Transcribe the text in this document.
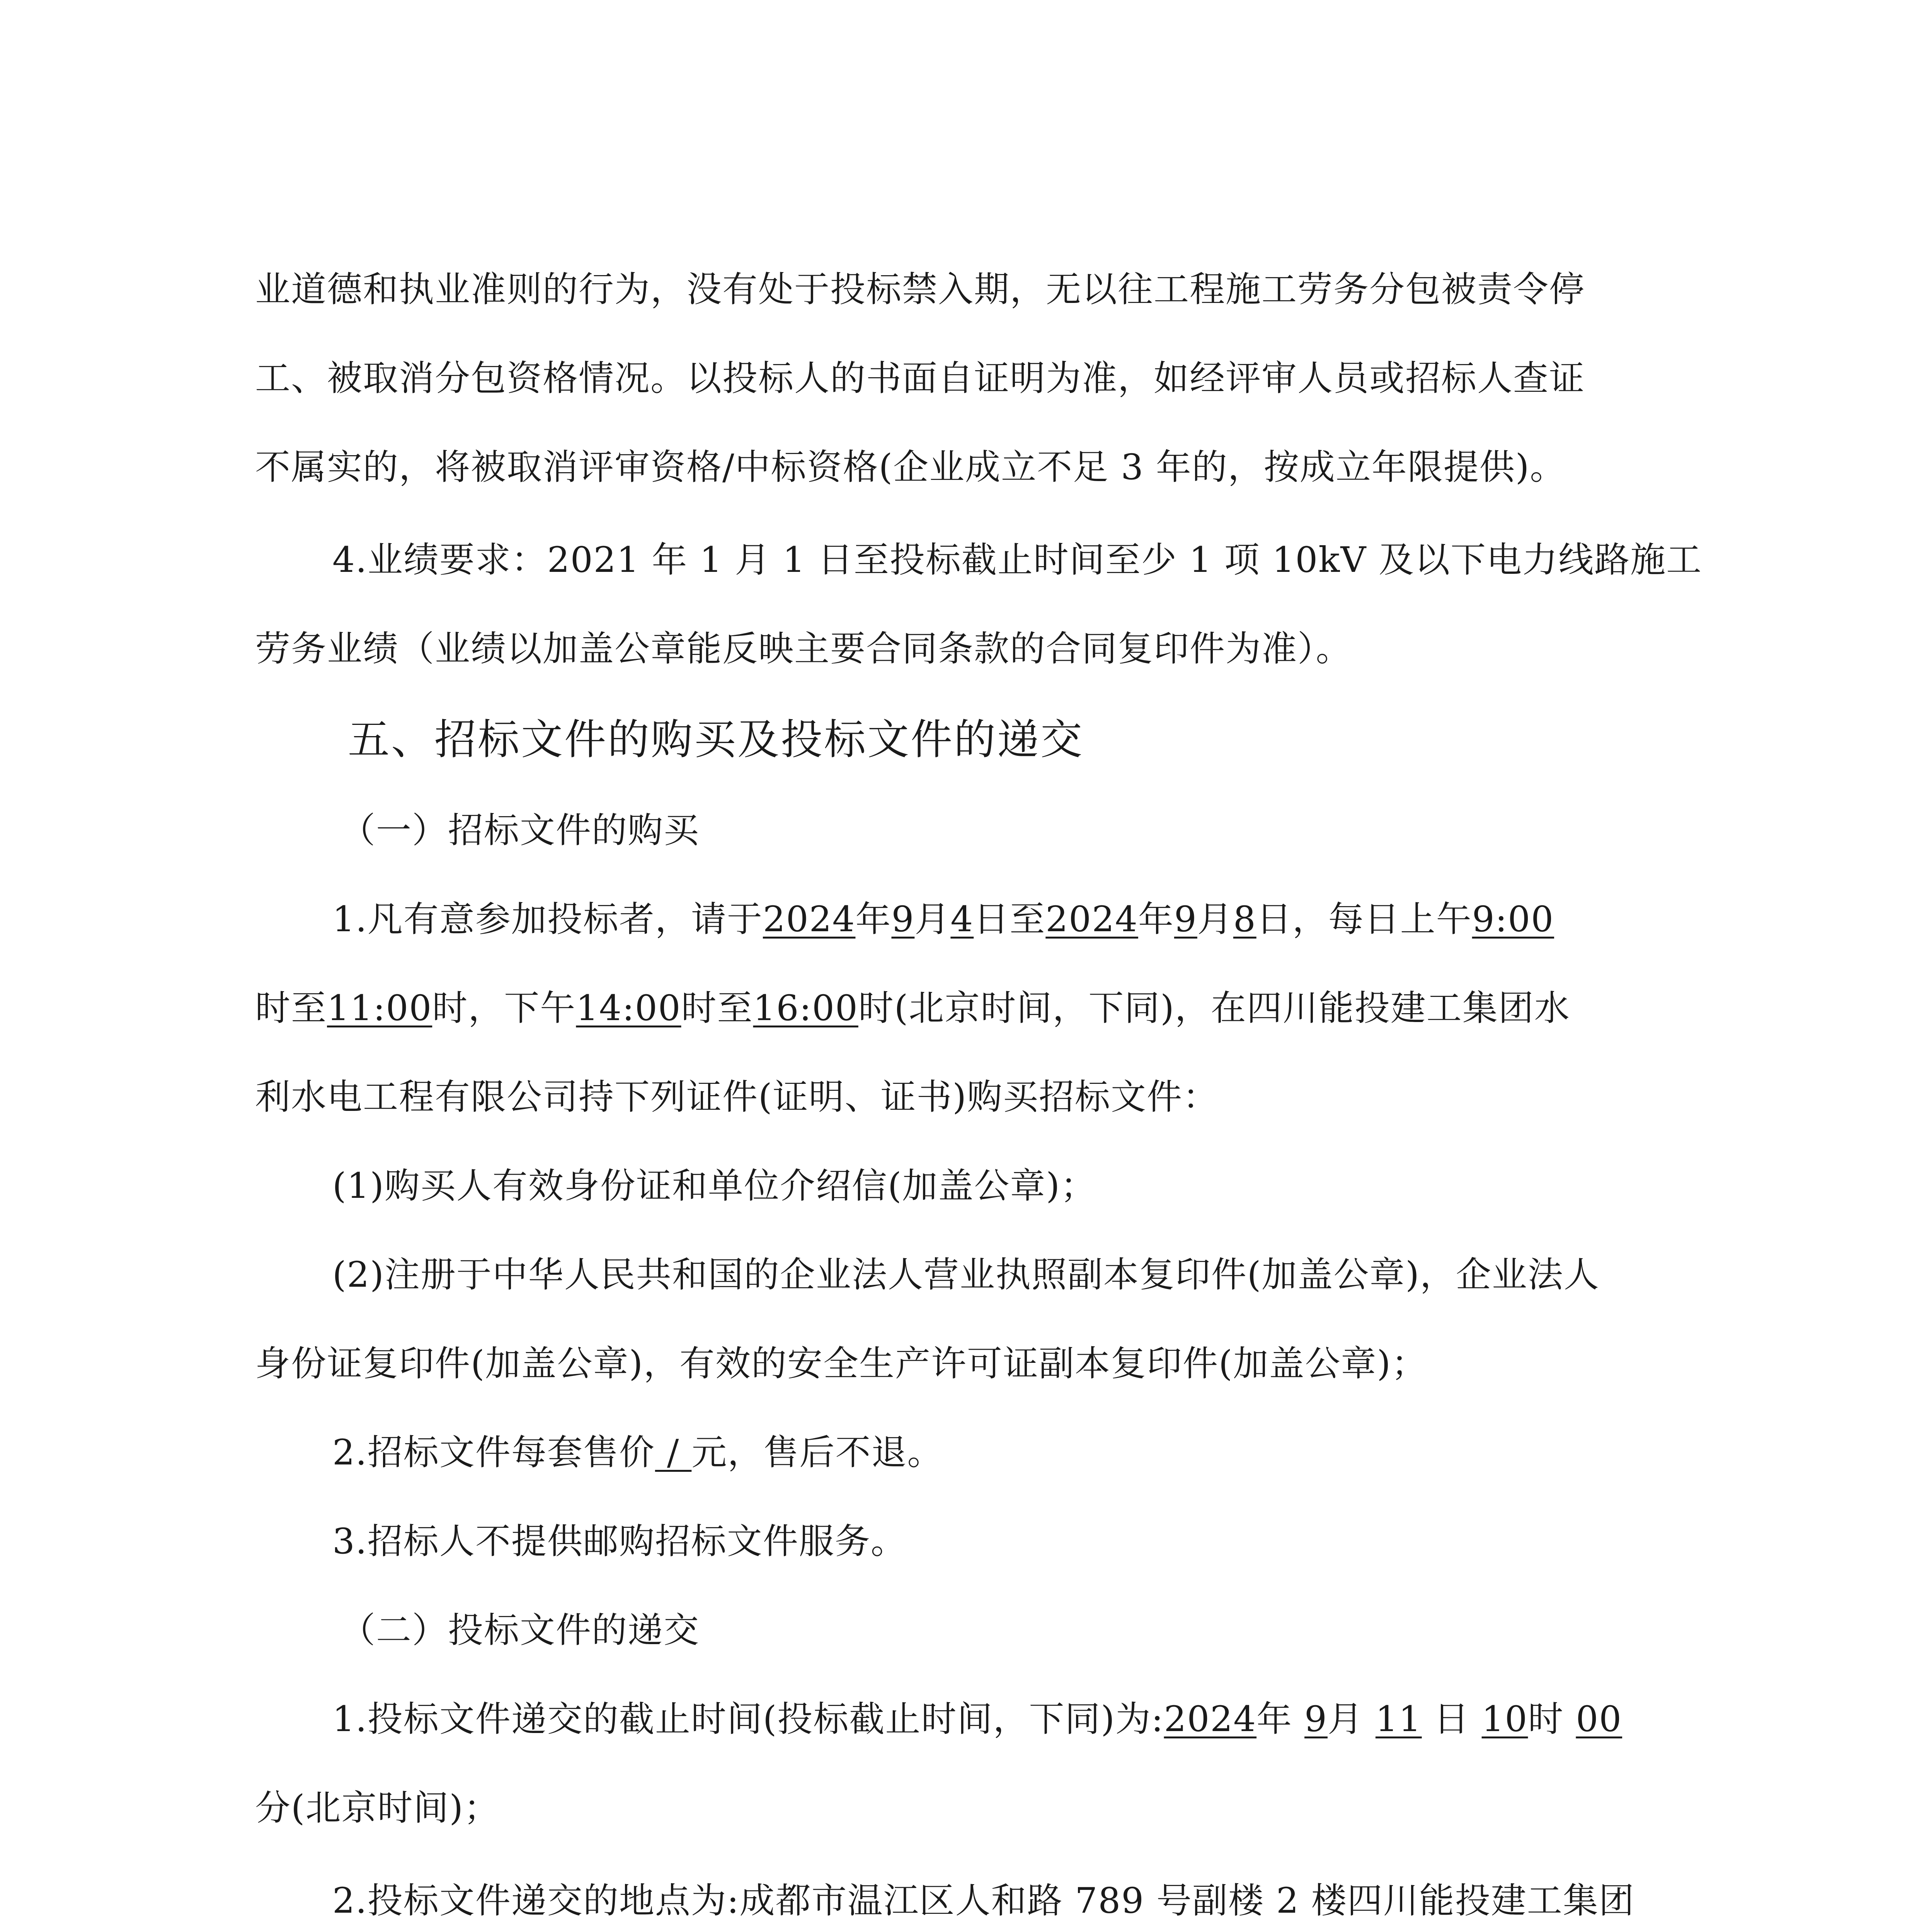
业道德和执业准则的行为，没有处于投标禁入期，无以往工程施工劳务分包被责令停
工、被取消分包资格情况。以投标人的书面自证明为准，如经评审人员或招标人查证
不属实的，将被取消评审资格/中标资格(企业成立不足 3 年的，按成立年限提供)。
4.业绩要求：2021 年 1 月 1 日至投标截止时间至少 1 项 10kV 及以下电力线路施工
劳务业绩（业绩以加盖公章能反映主要合同条款的合同复印件为准）。
五、招标文件的购买及投标文件的递交
（一）招标文件的购买
1.凡有意参加投标者，请于2024年9月4日至2024年9月8日，每日上午9:00
时至11:00时，下午14:00时至16:00时(北京时间，下同)，在四川能投建工集团水
利水电工程有限公司持下列证件(证明、证书)购买招标文件：
(1)购买人有效身份证和单位介绍信(加盖公章)；
(2)注册于中华人民共和国的企业法人营业执照副本复印件(加盖公章)，企业法人
身份证复印件(加盖公章)，有效的安全生产许可证副本复印件(加盖公章)；
2.招标文件每套售价 / 元，售后不退。
3.招标人不提供邮购招标文件服务。
（二）投标文件的递交
1.投标文件递交的截止时间(投标截止时间，下同)为:2024年 9月 11 日 10时 00
分(北京时间)；
2.投标文件递交的地点为:成都市温江区人和路 789 号副楼 2 楼四川能投建工集团
